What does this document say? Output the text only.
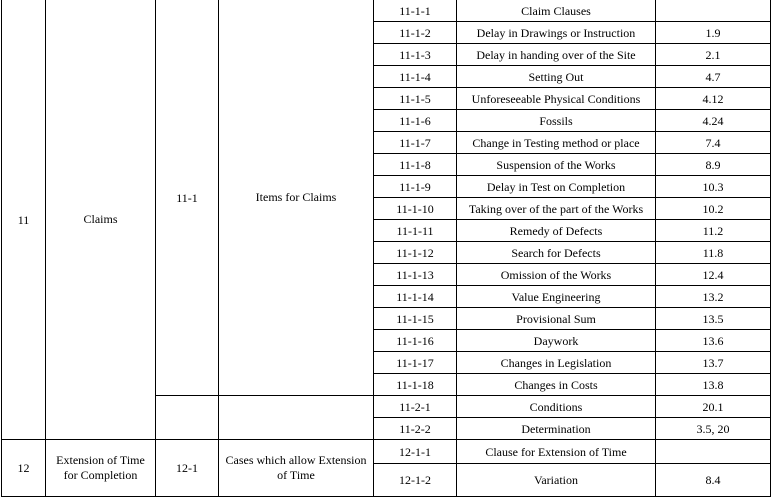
11	Claims	11-1	Items for Claims	11-1-1	Claim Clauses	
				11-1-2	Delay in Drawings or Instruction	1.9
				11-1-3	Delay in handing over of the Site	2.1
				11-1-4	Setting Out	4.7
				11-1-5	Unforeseeable Physical Conditions	4.12
				11-1-6	Fossils	4.24
				11-1-7	Change in Testing method or place	7.4
				11-1-8	Suspension of the Works	8.9
				11-1-9	Delay in Test on Completion	10.3
				11-1-10	Taking over of the part of the Works	10.2
				11-1-11	Remedy of Defects	11.2
				11-1-12	Search for Defects	11.8
				11-1-13	Omission of the Works	12.4
				11-1-14	Value Engineering	13.2
				11-1-15	Provisional Sum	13.5
				11-1-16	Daywork	13.6
				11-1-17	Changes in Legislation	13.7
				11-1-18	Changes in Costs	13.8
				11-2-1	Conditions	20.1
				11-2-2	Determination	3.5, 20
12	Extension of Time for Completion	12-1	Cases which allow Extension of Time	12-1-1	Clause for Extension of Time	
				12-1-2	Variation	8.4
